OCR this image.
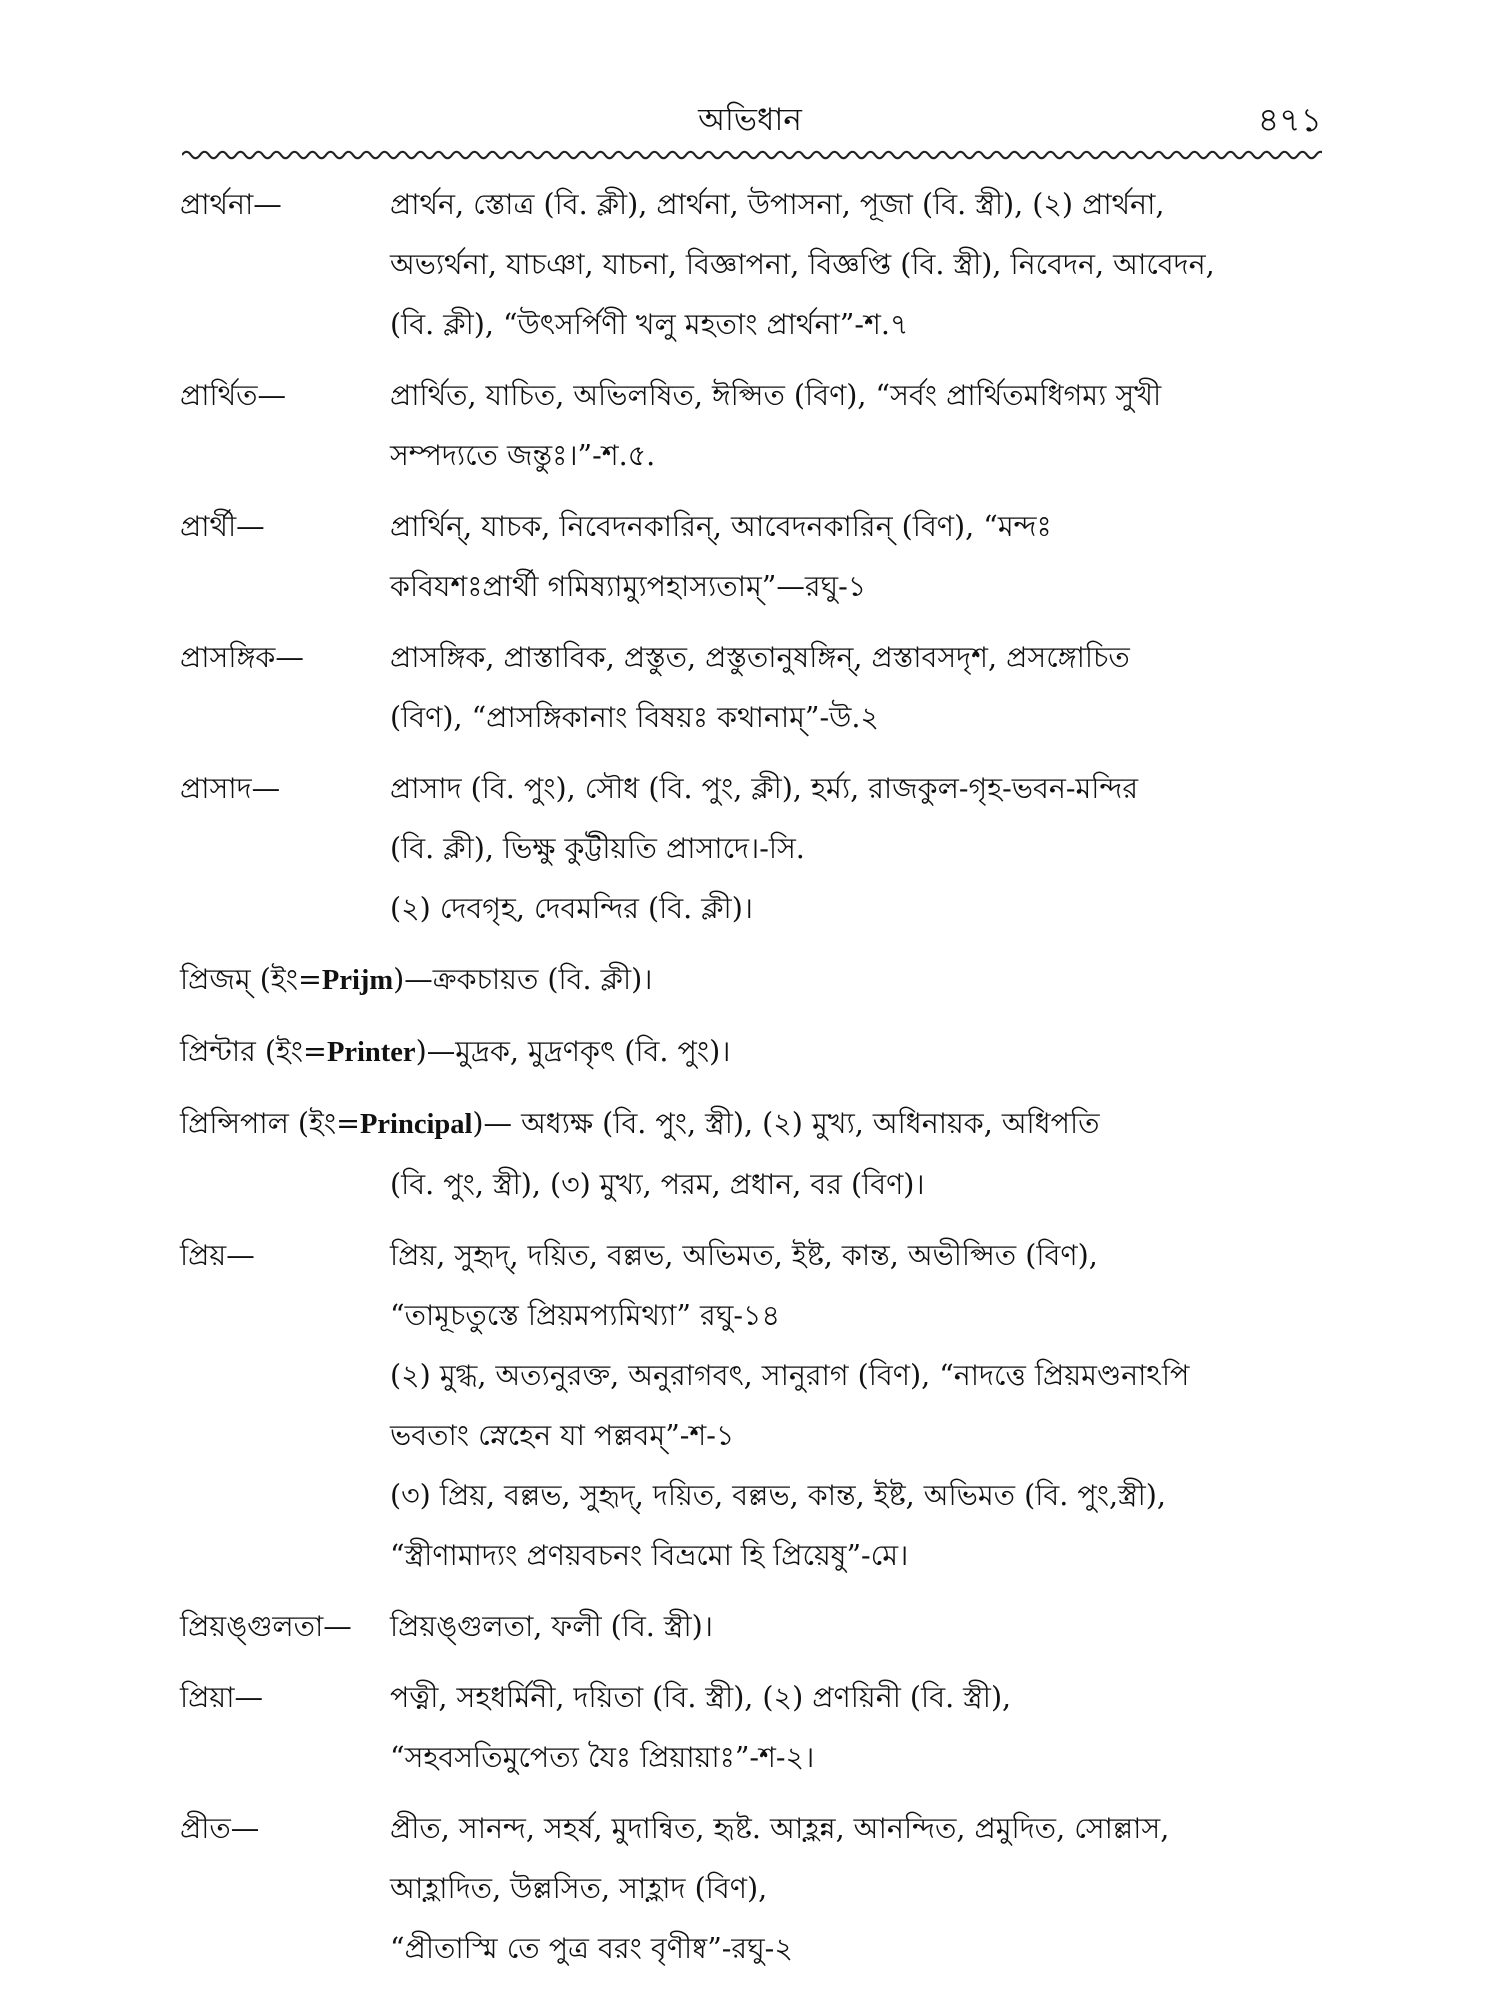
অভিধান	৪৭১
প্রার্থনা—	প্রার্থন, স্তোত্র (বি. ক্লী), প্রার্থনা, উপাসনা, পূজা (বি. স্ত্রী), (২) প্রার্থনা,
অভ্যর্থনা, যাচঞা, যাচনা, বিজ্ঞাপনা, বিজ্ঞপ্তি (বি. স্ত্রী), নিবেদন, আবেদন,
(বি. ক্লী), “উৎসর্পিণী খলু মহতাং প্রার্থনা”-শ.৭
প্রার্থিত—	প্রার্থিত, যাচিত, অভিলষিত, ঈপ্সিত (বিণ), “সর্বং প্রার্থিতমধিগম্য সুখী
সম্পদ্যতে জন্তুঃ।”-শ.৫.
প্রার্থী—	প্রার্থিন্, যাচক, নিবেদনকারিন্, আবেদনকারিন্ (বিণ), “মন্দঃ
কবিযশঃপ্রার্থী গমিষ্যাম্যুপহাস্যতাম্”—রঘু-১
প্রাসঙ্গিক—	প্রাসঙ্গিক, প্রাস্তাবিক, প্রস্তুত, প্রস্তুতানুষঙ্গিন্, প্রস্তাবসদৃশ, প্রসঙ্গোচিত
(বিণ), “প্রাসঙ্গিকানাং বিষয়ঃ কথানাম্”-উ.২
প্রাসাদ—	প্রাসাদ (বি. পুং), সৌধ (বি. পুং, ক্লী), হর্ম্য, রাজকুল-গৃহ-ভবন-মন্দির
(বি. ক্লী), ভিক্ষু কুট্টীয়তি প্রাসাদে।-সি.
(২) দেবগৃহ, দেবমন্দির (বি. ক্লী)।
প্রিজম্ (ইং=Prijm)—ক্রকচায়ত (বি. ক্লী)।
প্রিন্টার (ইং=Printer)—মুদ্রক, মুদ্রণকৃৎ (বি. পুং)।
প্রিন্সিপাল (ইং=Principal)— অধ্যক্ষ (বি. পুং, স্ত্রী), (২) মুখ্য, অধিনায়ক, অধিপতি
(বি. পুং, স্ত্রী), (৩) মুখ্য, পরম, প্রধান, বর (বিণ)।
প্রিয়—	প্রিয়, সুহৃদ্, দয়িত, বল্লভ, অভিমত, ইষ্ট, কান্ত, অভীপ্সিত (বিণ),
“তামূচতুস্তে প্রিয়মপ্যমিথ্যা” রঘু-১৪
(২) মুগ্ধ, অত্যনুরক্ত, অনুরাগবৎ, সানুরাগ (বিণ), “নাদত্তে প্রিয়মণ্ডনাঽপি
ভবতাং স্নেহেন যা পল্লবম্”-শ-১
(৩) প্রিয়, বল্লভ, সুহৃদ্, দয়িত, বল্লভ, কান্ত, ইষ্ট, অভিমত (বি. পুং,স্ত্রী),
“স্ত্রীণামাদ্যং প্রণয়বচনং বিভ্রমো হি প্রিয়েষু”-মে।
প্রিয়ঙ্গুলতা—	প্রিয়ঙ্গুলতা, ফলী (বি. স্ত্রী)।
প্রিয়া—	পত্নী, সহধর্মিনী, দয়িতা (বি. স্ত্রী), (২) প্রণয়িনী (বি. স্ত্রী),
“সহবসতিমুপেত্য যৈঃ প্রিয়ায়াঃ”-শ-২।
প্রীত—	প্রীত, সানন্দ, সহর্ষ, মুদান্বিত, হৃষ্ট. আহ্লন্ন, আনন্দিত, প্রমুদিত, সোল্লাস,
আহ্লাদিত, উল্লসিত, সাহ্লাদ (বিণ),
“প্রীতাস্মি তে পুত্র বরং বৃণীষ্ব”-রঘু-২
